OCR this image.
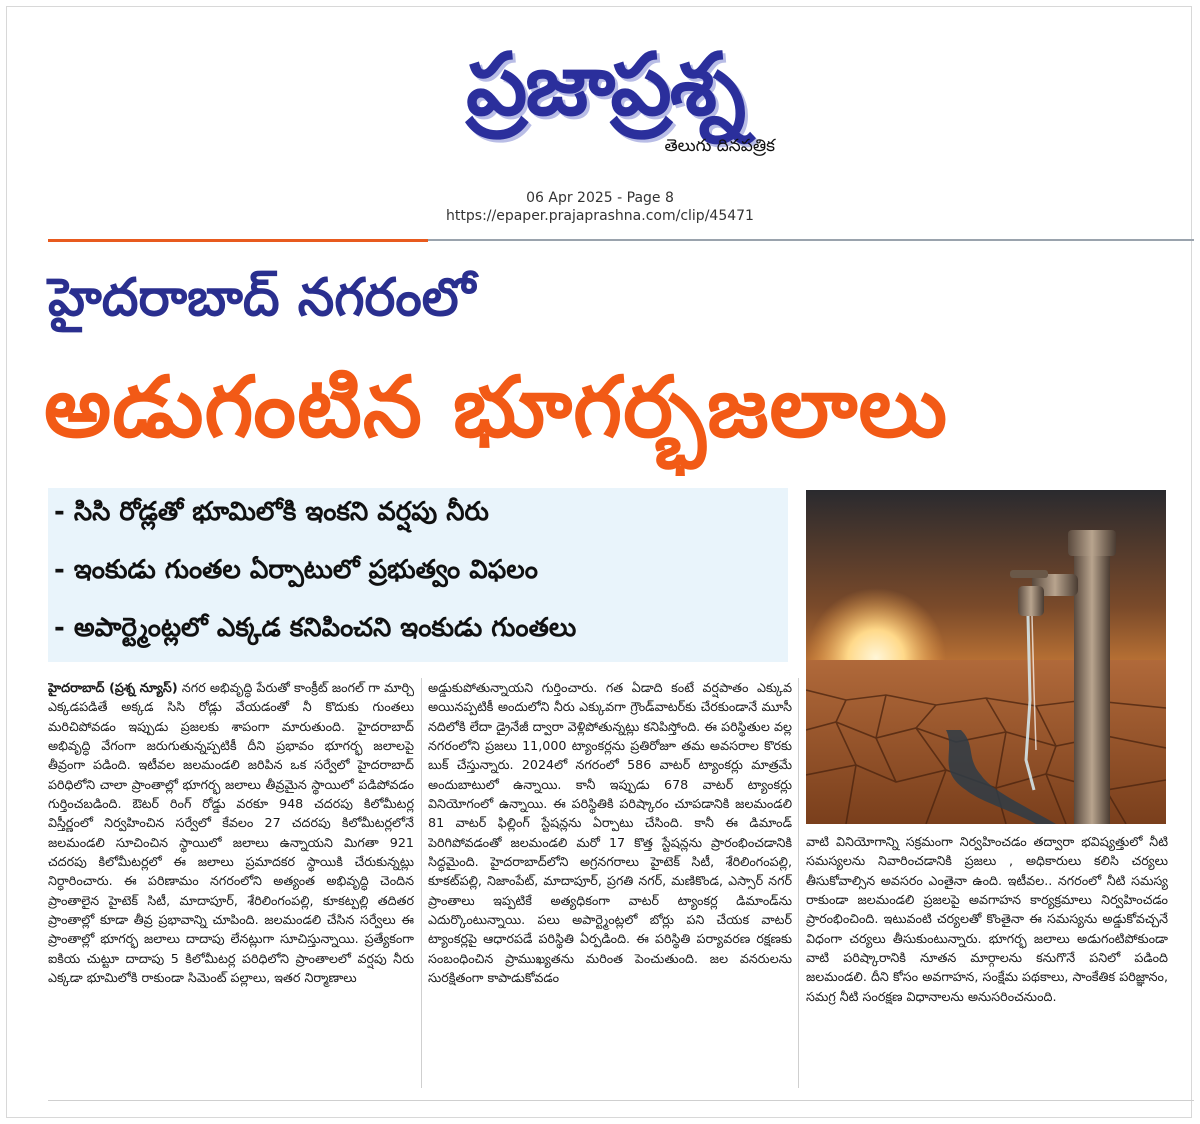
ప్రజాప్రశ్న
తెలుగు దినపత్రిక
06 Apr 2025 - Page 8
https://epaper.prajaprashna.com/clip/45471
హైదరాబాద్ నగరంలో
అడుగంటిన భూగర్భజలాలు
- సిసి రోడ్లతో భూమిలోకి ఇంకని వర్షపు నీరు
- ఇంకుడు గుంతల ఏర్పాటులో ప్రభుత్వం విఫలం
- అపార్ట్మెంట్లలో ఎక్కడ కనిపించని ఇంకుడు గుంతలు

హైదరాబాద్ (ప్రశ్న న్యూస్) నగర అభివృద్ధి పేరుతో కాంక్రీట్ జంగల్ గా మార్చి ఎక్కడపడితే అక్కడ సిసి రోడ్లు వేయడంతో నీ కొదుకు గుంతలు మరిచిపోవడం ఇప్పుడు ప్రజలకు శాపంగా మారుతుంది. హైదరాబాద్ అభివృద్ధి వేగంగా జరుగుతున్నప్పటికీ దీని ప్రభావం భూగర్భ జలాలపై తీవ్రంగా పడింది. ఇటీవల జలమండలి జరిపిన ఒక సర్వేలో హైదరాబాద్ పరిధిలోని చాలా ప్రాంతాల్లో భూగర్భ జలాలు తీవ్రమైన స్థాయిలో పడిపోవడం గుర్తించబడింది. ఔటర్ రింగ్ రోడ్డు వరకూ 948 చదరపు కిలోమీటర్ల విస్తీర్ణంలో నిర్వహించిన సర్వేలో కేవలం 27 చదరపు కిలోమీటర్లలోనే జలమండలి సూచించిన స్థాయిలో జలాలు ఉన్నాయని మిగతా 921 చదరపు కిలోమీటర్లలో ఈ జలాలు ప్రమాదకర స్థాయికి చేరుకున్నట్లు నిర్ధారించారు. ఈ పరిణామం నగరంలోని అత్యంత అభివృద్ధి చెందిన ప్రాంతాలైన హైటెక్ సిటీ, మాదాపూర్, శేరిలింగంపల్లి, కూకట్పల్లి తదితర ప్రాంతాల్లో కూడా తీవ్ర ప్రభావాన్ని చూపింది. జలమండలి చేసిన సర్వేలు ఈ ప్రాంతాల్లో భూగర్భ జలాలు దాదాపు లేనట్లుగా సూచిస్తున్నాయి. ప్రత్యేకంగా ఐకియ చుట్టూ దాదాపు 5 కిలోమీటర్ల పరిధిలోని ప్రాంతాలలో వర్షపు నీరు ఎక్కడా భూమిలోకి రాకుండా సిమెంట్ పల్లాలు, ఇతర నిర్మాణాలు

అడ్డుకుపోతున్నాయని గుర్తించారు. గత ఏడాది కంటే వర్షపాతం ఎక్కువ అయినప్పటికీ అందులోని నీరు ఎక్కువగా గ్రౌండ్‌వాటర్‌కు చేరకుండానే మూసీ నదిలోకి లేదా డ్రైనేజీ ద్వారా వెళ్లిపోతున్నట్లు కనిపిస్తోంది. ఈ పరిస్థితుల వల్ల నగరంలోని ప్రజలు 11,000 ట్యాంకర్లను ప్రతిరోజూ తమ అవసరాల కొరకు బుక్ చేస్తున్నారు. 2024లో నగరంలో 586 వాటర్ ట్యాంకర్లు మాత్రమే అందుబాటులో ఉన్నాయి. కానీ ఇప్పుడు 678 వాటర్ ట్యాంకర్లు వినియోగంలో ఉన్నాయి. ఈ పరిస్థితికి పరిష్కారం చూపడానికి జలమండలి 81 వాటర్ ఫిల్లింగ్ స్టేషన్లను ఏర్పాటు చేసింది. కానీ ఈ డిమాండ్ పెరిగిపోవడంతో జలమండలి మరో 17 కొత్త స్టేషన్లను ప్రారంభించడానికి సిద్ధమైంది. హైదరాబాద్‌లోని అగ్రనగరాలు హైటెక్ సిటీ, శేరిలింగంపల్లి, కూకట్‌పల్లి, నిజాంపేట్, మాదాపూర్, ప్రగతి నగర్, మణికొండ, ఎస్సార్ నగర్ ప్రాంతాలు ఇప్పటికే అత్యధికంగా వాటర్ ట్యాంకర్ల డిమాండ్‌ను ఎదుర్కొంటున్నాయి. పలు అపార్ట్మెంట్లలో బోర్లు పని చేయక వాటర్ ట్యాంకర్లపై ఆధారపడే పరిస్థితి ఏర్పడింది. ఈ పరిస్థితి పర్యావరణ రక్షణకు సంబంధించిన ప్రాముఖ్యతను మరింత పెంచుతుంది. జల వనరులను సురక్షితంగా కాపాడుకోవడం

వాటి వినియోగాన్ని సక్రమంగా నిర్వహించడం తద్వారా భవిష్యత్తులో నీటి సమస్యలను నివారించడానికి ప్రజలు , అధికారులు కలిసి చర్యలు తీసుకోవాల్సిన అవసరం ఎంతైనా ఉంది. ఇటీవల.. నగరంలో నీటి సమస్య రాకుండా జలమండలి ప్రజలపై అవగాహన కార్యక్రమాలు నిర్వహించడం ప్రారంభించింది. ఇటువంటి చర్యలతో కొంతైనా ఈ సమస్యను అడ్డుకోవచ్చనే విధంగా చర్యలు తీసుకుంటున్నారు. భూగర్భ జలాలు అడుగంటిపోకుండా వాటి పరిష్కారానికి నూతన మార్గాలను కనుగొనే పనిలో పడింది జలమండలి. దీని కోసం అవగాహన, సంక్షేమ పథకాలు, సాంకేతిక పరిజ్ఞానం, సమగ్ర నీటి సంరక్షణ విధానాలను అనుసరించనుంది.
